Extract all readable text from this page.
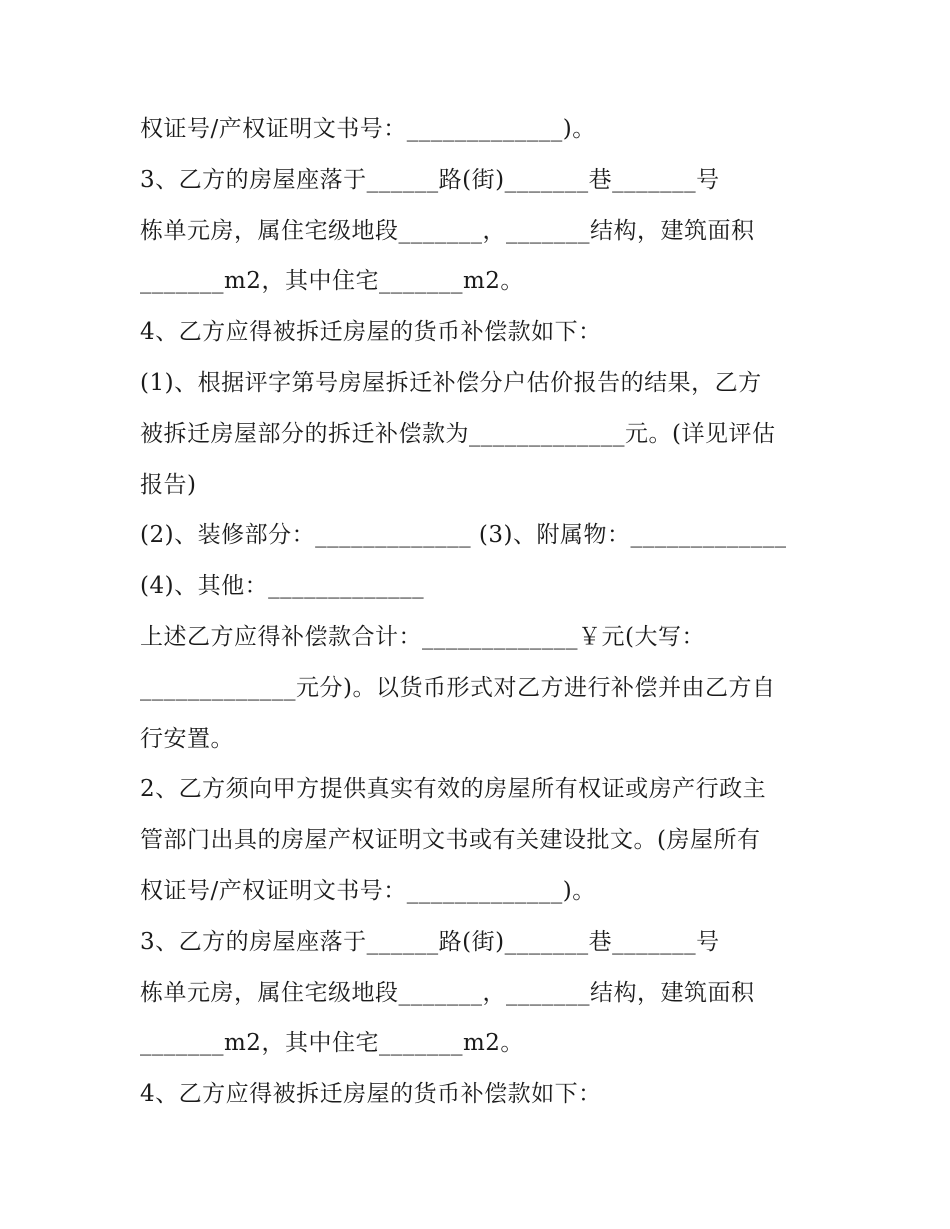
权证号/产权证明文书号：_____________)。
3、乙方的房屋座落于______路(街)_______巷_______号
栋单元房，属住宅级地段_______，_______结构，建筑面积
_______m2，其中住宅_______m2。
4、乙方应得被拆迁房屋的货币补偿款如下：
(1)、根据评字第号房屋拆迁补偿分户估价报告的结果，乙方
被拆迁房屋部分的拆迁补偿款为_____________元。(详见评估
报告)
(2)、装修部分：_____________ (3)、附属物：_____________
(4)、其他：_____________
上述乙方应得补偿款合计：_____________￥元(大写：
_____________元分)。以货币形式对乙方进行补偿并由乙方自
行安置。
2、乙方须向甲方提供真实有效的房屋所有权证或房产行政主
管部门出具的房屋产权证明文书或有关建设批文。(房屋所有
权证号/产权证明文书号：_____________)。
3、乙方的房屋座落于______路(街)_______巷_______号
栋单元房，属住宅级地段_______，_______结构，建筑面积
_______m2，其中住宅_______m2。
4、乙方应得被拆迁房屋的货币补偿款如下：
